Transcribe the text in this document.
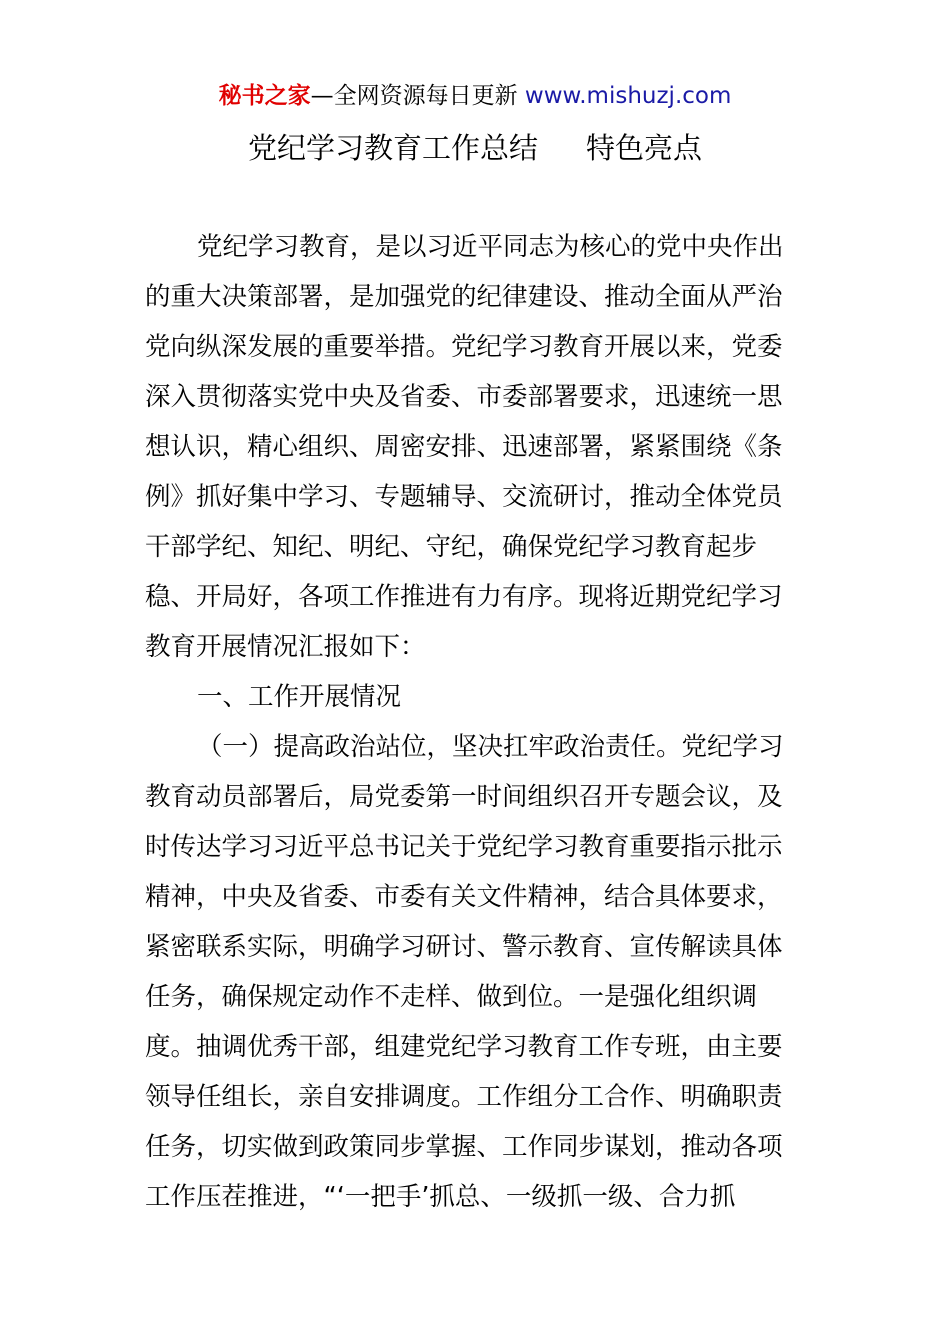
秘书之家—全网资源每日更新 www.mishuzj.com
党纪学习教育工作总结 特色亮点
党纪学习教育，是以习近平同志为核心的党中央作出
的重大决策部署，是加强党的纪律建设、推动全面从严治
党向纵深发展的重要举措。党纪学习教育开展以来，党委
深入贯彻落实党中央及省委、市委部署要求，迅速统一思
想认识，精心组织、周密安排、迅速部署，紧紧围绕《条
例》抓好集中学习、专题辅导、交流研讨，推动全体党员
干部学纪、知纪、明纪、守纪，确保党纪学习教育起步
稳、开局好，各项工作推进有力有序。现将近期党纪学习
教育开展情况汇报如下：
一、工作开展情况
（一）提高政治站位，坚决扛牢政治责任。党纪学习
教育动员部署后，局党委第一时间组织召开专题会议，及
时传达学习习近平总书记关于党纪学习教育重要指示批示
精神，中央及省委、市委有关文件精神，结合具体要求，
紧密联系实际，明确学习研讨、警示教育、宣传解读具体
任务，确保规定动作不走样、做到位。一是强化组织调
度。抽调优秀干部，组建党纪学习教育工作专班，由主要
领导任组长，亲自安排调度。工作组分工合作、明确职责
任务，切实做到政策同步掌握、工作同步谋划，推动各项
工作压茬推进，“‘一把手’抓总、一级抓一级、合力抓
